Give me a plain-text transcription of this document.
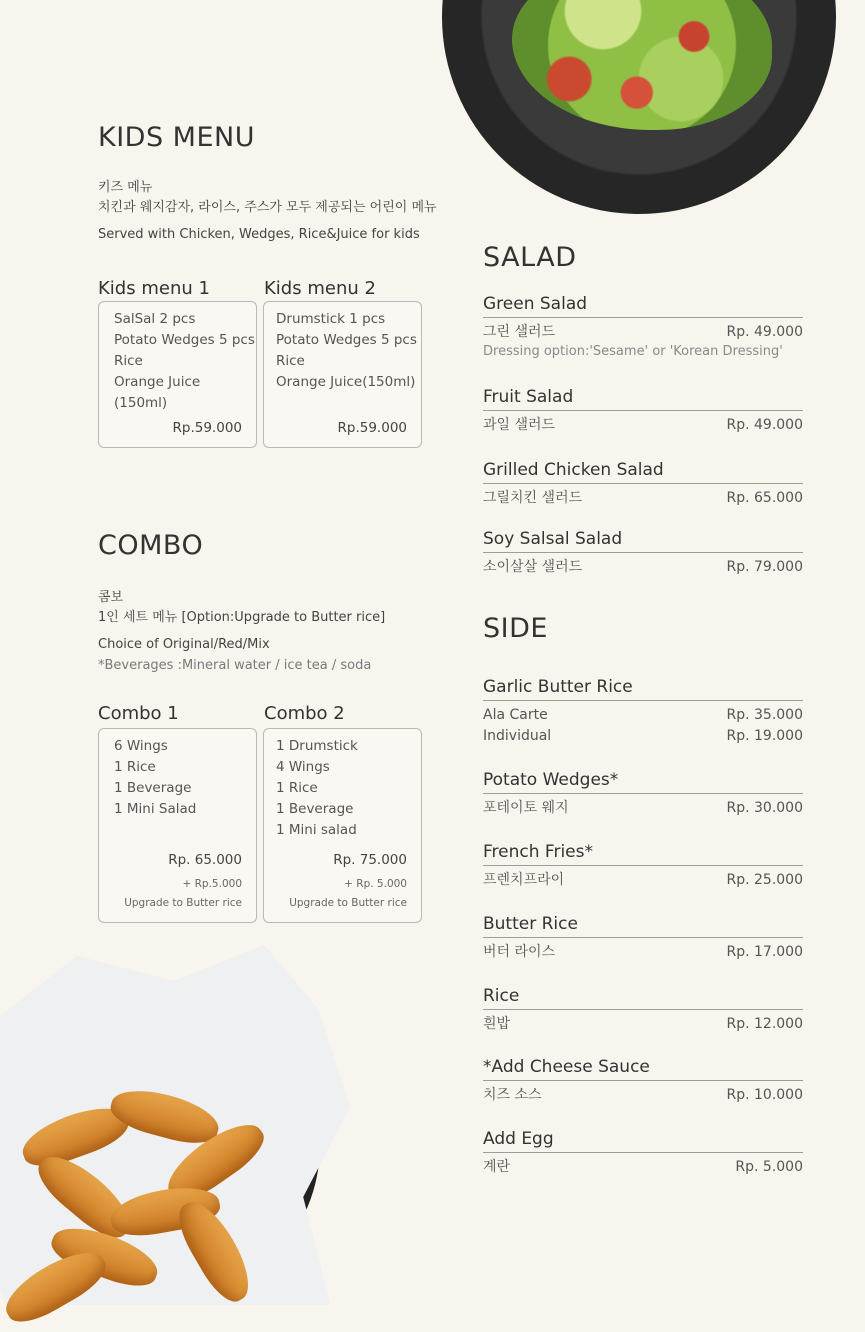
KIDS MENU
키즈 메뉴
치킨과 웨지감자, 라이스, 주스가 모두 제공되는 어린이 메뉴
Served with Chicken, Wedges, Rice&Juice for kids
Kids menu 1
SalSal 2 pcs
Potato Wedges 5 pcs
Rice
Orange Juice (150ml)
Rp.59.000
Kids menu 2
Drumstick 1 pcs
Potato Wedges 5 pcs
Rice
Orange Juice(150ml)
Rp.59.000
COMBO
콤보
1인 세트 메뉴 [Option:Upgrade to Butter rice]
Choice of Original/Red/Mix
*Beverages :Mineral water / ice tea / soda
Combo 1
6 Wings
1 Rice
1 Beverage
1 Mini Salad
Rp. 65.000
+ Rp.5.000
Upgrade to Butter rice
Combo 2
1 Drumstick
4 Wings
1 Rice
1 Beverage
1 Mini salad
Rp. 75.000
+ Rp. 5.000
Upgrade to Butter rice
SALAD
Green Salad
그린 샐러드	Rp. 49.000
Dressing option:'Sesame' or 'Korean Dressing'
Fruit Salad
과일 샐러드	Rp. 49.000
Grilled Chicken Salad
그릴치킨 샐러드	Rp. 65.000
Soy Salsal Salad
소이살살 샐러드	Rp. 79.000
SIDE
Garlic Butter Rice
Ala Carte	Rp. 35.000
Individual	Rp. 19.000
Potato Wedges*
포테이토 웨지	Rp. 30.000
French Fries*
프렌치프라이	Rp. 25.000
Butter Rice
버터 라이스	Rp. 17.000
Rice
흰밥	Rp. 12.000
*Add Cheese Sauce
치즈 소스	Rp. 10.000
Add Egg
계란	Rp. 5.000
